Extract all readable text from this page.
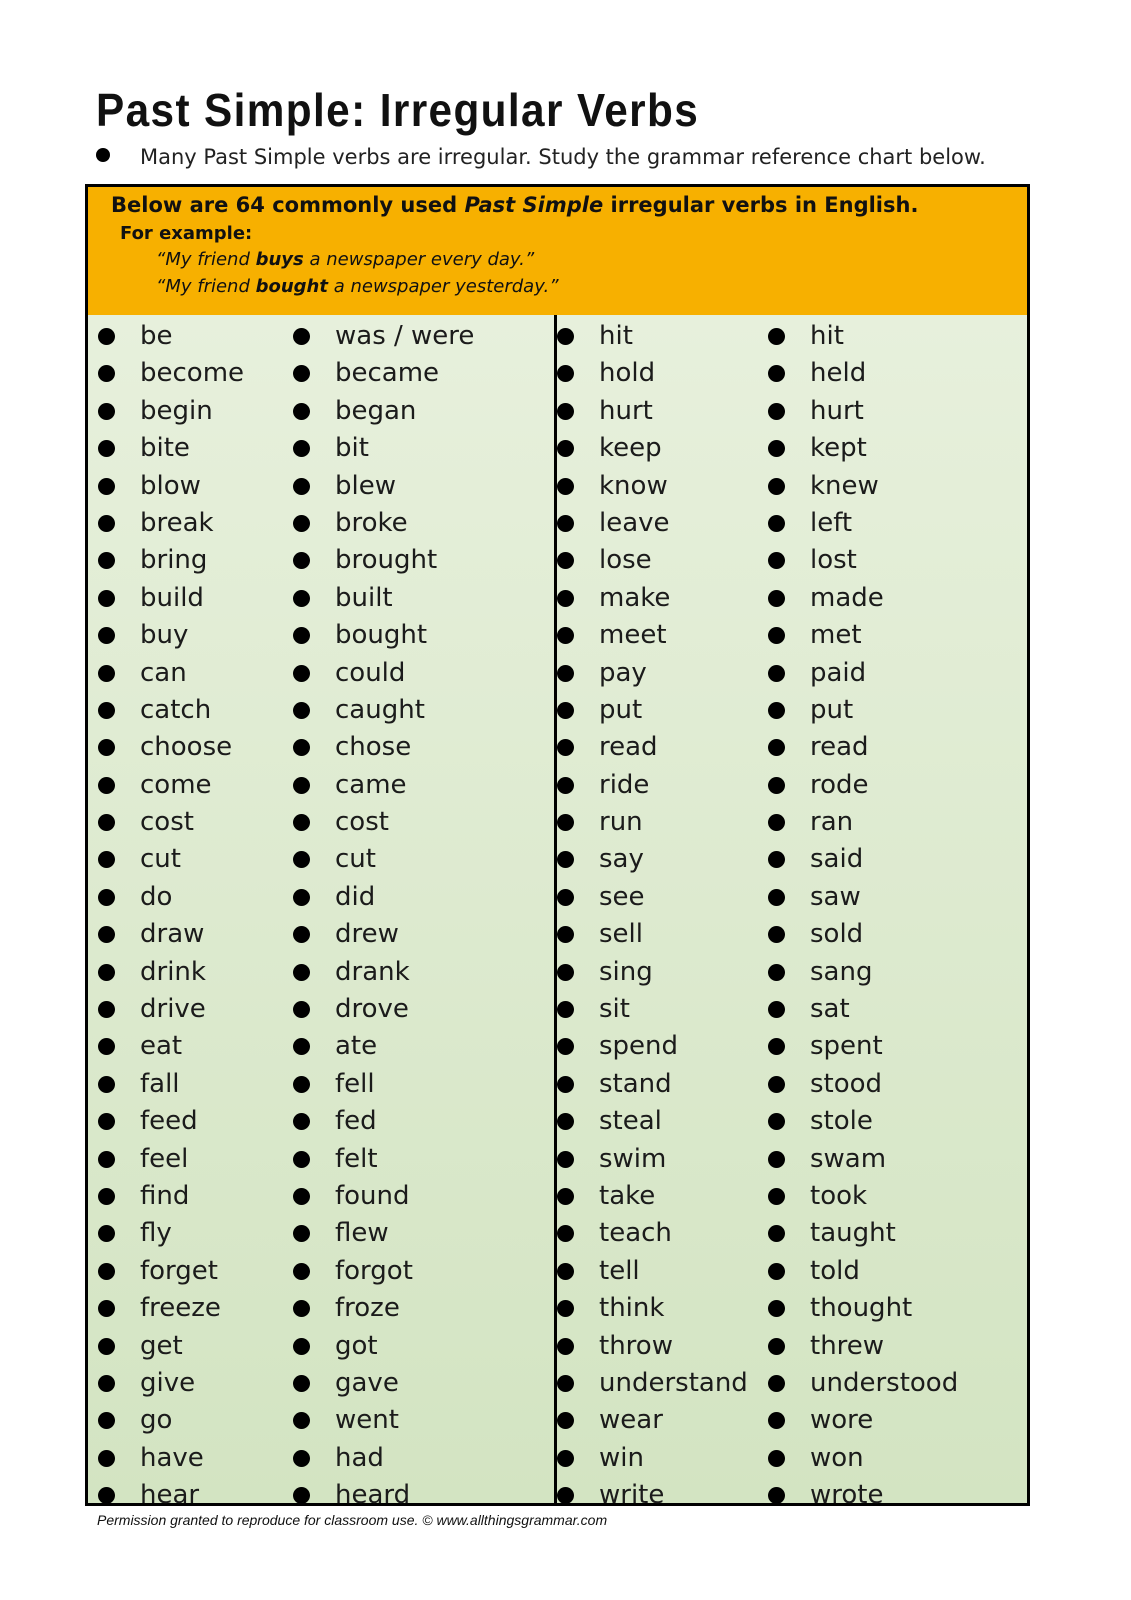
Past Simple: Irregular Verbs
Many Past Simple verbs are irregular. Study the grammar reference chart below.
Below are 64 commonly used Past Simple irregular verbs in English.
For example:
“My friend buys a newspaper every day.”
“My friend bought a newspaper yesterday.”
be
become
begin
bite
blow
break
bring
build
buy
can
catch
choose
come
cost
cut
do
draw
drink
drive
eat
fall
feed
feel
find
fly
forget
freeze
get
give
go
have
hear
was / were
became
began
bit
blew
broke
brought
built
bought
could
caught
chose
came
cost
cut
did
drew
drank
drove
ate
fell
fed
felt
found
flew
forgot
froze
got
gave
went
had
heard
hit
hold
hurt
keep
know
leave
lose
make
meet
pay
put
read
ride
run
say
see
sell
sing
sit
spend
stand
steal
swim
take
teach
tell
think
throw
understand
wear
win
write
hit
held
hurt
kept
knew
left
lost
made
met
paid
put
read
rode
ran
said
saw
sold
sang
sat
spent
stood
stole
swam
took
taught
told
thought
threw
understood
wore
won
wrote
Permission granted to reproduce for classroom use. © www.allthingsgrammar.com
